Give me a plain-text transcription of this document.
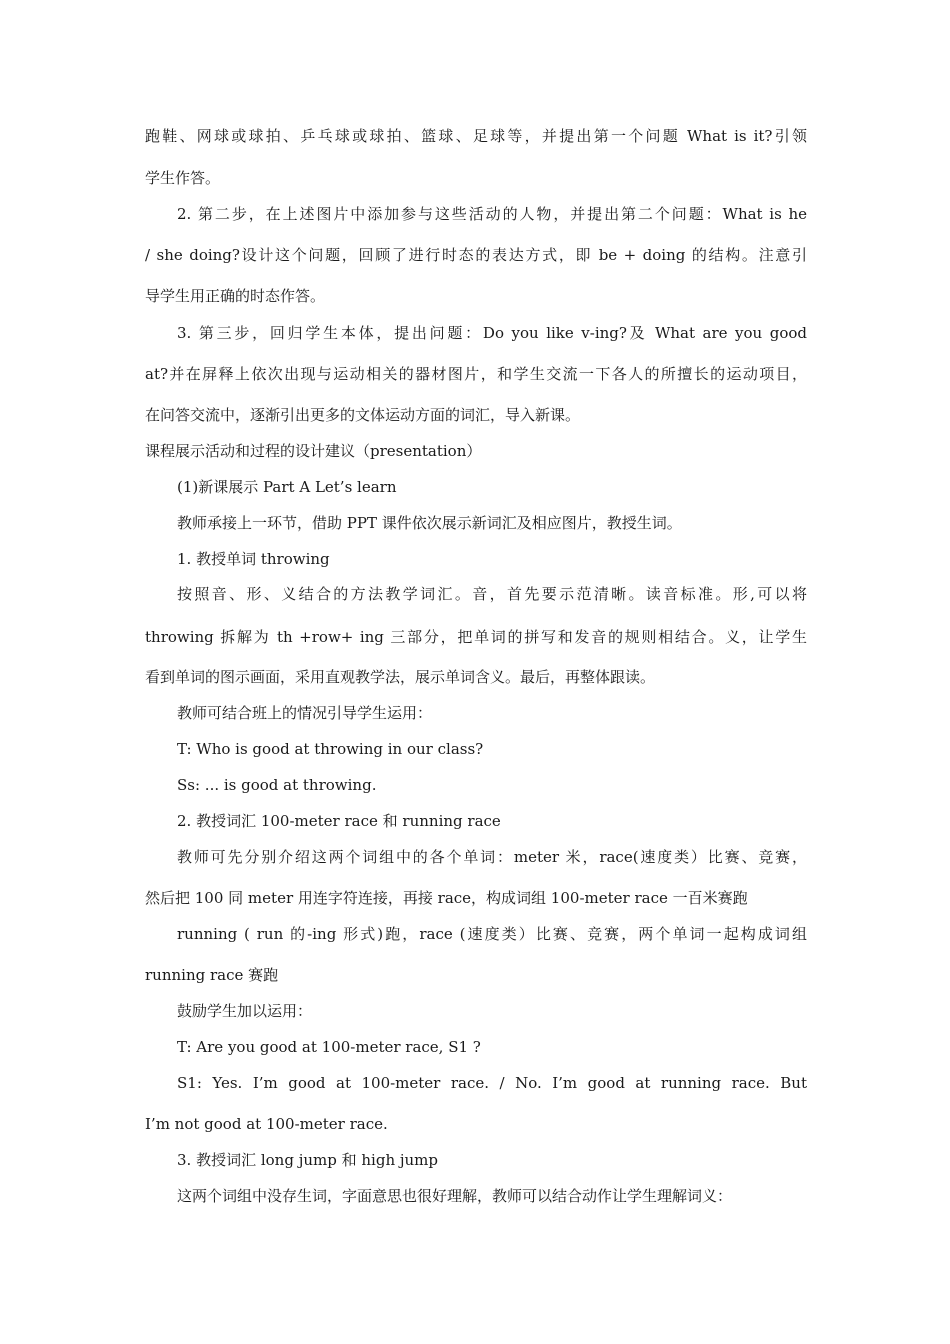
跑鞋、网球或球拍、乒乓球或球拍、篮球、足球等，并提出第一个问题 What is it?引领
学生作答。
2. 第二步，在上述图片中添加参与这些活动的人物，并提出第二个问题：What is he
/ she doing?设计这个问题，回顾了进行时态的表达方式，即 be + doing 的结构。注意引
导学生用正确的时态作答。
3. 第三步，回归学生本体，提出问题：Do you like v-ing?及 What are you good
at?并在屏释上依次出现与运动相关的器材图片，和学生交流一下各人的所擅长的运动项目，
在问答交流中，逐渐引出更多的文体运动方面的词汇，导入新课。
课程展示活动和过程的设计建议（presentation）
(1)新课展示 Part A Let’s learn
教师承接上一环节，借助 PPT 课件依次展示新词汇及相应图片，教授生词。
1. 教授单词 throwing
按照音、形、义结合的方法教学词汇。音，首先要示范清晰。读音标准。形,可以将
throwing 拆解为 th +row+ ing 三部分，把单词的拼写和发音的规则相结合。义，让学生
看到单词的图示画面，采用直观教学法，展示单词含义。最后，再整体跟读。
教师可结合班上的情况引导学生运用：
T: Who is good at throwing in our class?
Ss: ... is good at throwing.
2. 教授词汇 100-meter race 和 running race
教师可先分别介绍这两个词组中的各个单词：meter 米，race(速度类）比赛、竞赛，
然后把 100 同 meter 用连字符连接，再接 race，构成词组 100-meter race 一百米赛跑
running ( run 的-ing 形式)跑，race (速度类）比赛、竞赛，两个单词一起构成词组
running race 赛跑
鼓励学生加以运用：
T: Are you good at 100-meter race, S1 ?
S1: Yes. I’m good at 100-meter race. / No. I’m good at running race. But
I’m not good at 100-meter race.
3. 教授词汇 long jump 和 high jump
这两个词组中没存生词，字面意思也很好理解，教师可以结合动作让学生理解词义：
